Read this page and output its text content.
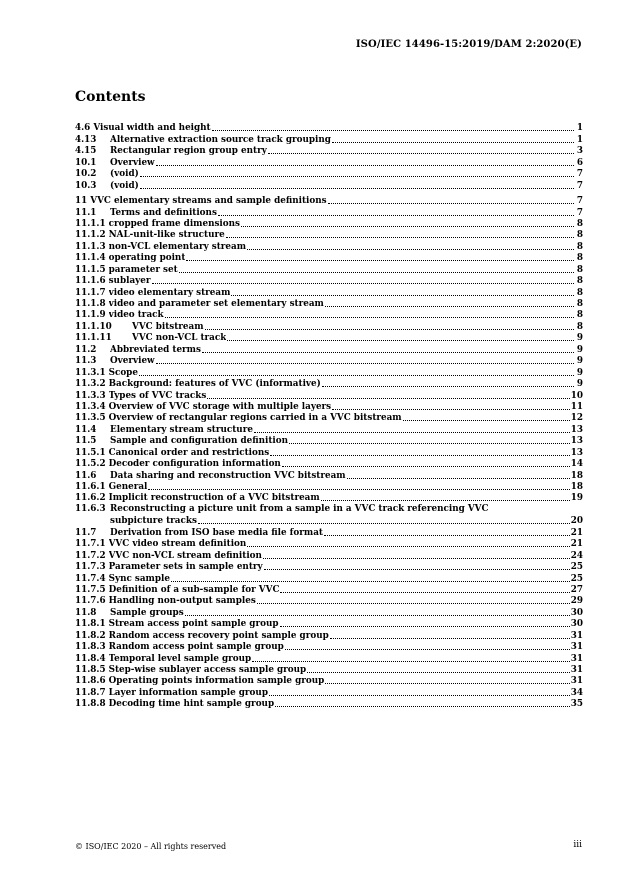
ISO/IEC 14496-15:2019/DAM 2:2020(E)
Contents
4.6 Visual width and height	1
4.13	Alternative extraction source track grouping	1
4.15	Rectangular region group entry	3
10.1	Overview	6
10.2	(void)	7
10.3	(void)	7
11 VVC elementary streams and sample definitions	7
11.1	Terms and definitions	7
11.1.1 cropped frame dimensions	8
11.1.2 NAL-unit-like structure	8
11.1.3 non-VCL elementary stream	8
11.1.4 operating point	8
11.1.5 parameter set	8
11.1.6 sublayer	8
11.1.7 video elementary stream	8
11.1.8 video and parameter set elementary stream	8
11.1.9 video track	8
11.1.10	VVC bitstream	8
11.1.11	VVC non-VCL track	9
11.2	Abbreviated terms	9
11.3	Overview	9
11.3.1 Scope	9
11.3.2 Background: features of VVC (informative)	9
11.3.3 Types of VVC tracks	10
11.3.4 Overview of VVC storage with multiple layers	11
11.3.5 Overview of rectangular regions carried in a VVC bitstream	12
11.4	Elementary stream structure	13
11.5	Sample and configuration definition	13
11.5.1 Canonical order and restrictions	13
11.5.2 Decoder configuration information	14
11.6	Data sharing and reconstruction VVC bitstream	18
11.6.1 General	18
11.6.2 Implicit reconstruction of a VVC bitstream	19
11.6.3 Reconstructing a picture unit from a sample in a VVC track referencing VVC
subpicture tracks	20
11.7	Derivation from ISO base media file format	21
11.7.1 VVC video stream definition	21
11.7.2 VVC non-VCL stream definition	24
11.7.3 Parameter sets in sample entry	25
11.7.4 Sync sample	25
11.7.5 Definition of a sub-sample for VVC	27
11.7.6 Handling non-output samples	29
11.8	Sample groups	30
11.8.1 Stream access point sample group	30
11.8.2 Random access recovery point sample group	31
11.8.3 Random access point sample group	31
11.8.4 Temporal level sample group	31
11.8.5 Step-wise sublayer access sample group	31
11.8.6 Operating points information sample group	31
11.8.7 Layer information sample group	34
11.8.8 Decoding time hint sample group	35
© ISO/IEC 2020 – All rights reserved	iii
